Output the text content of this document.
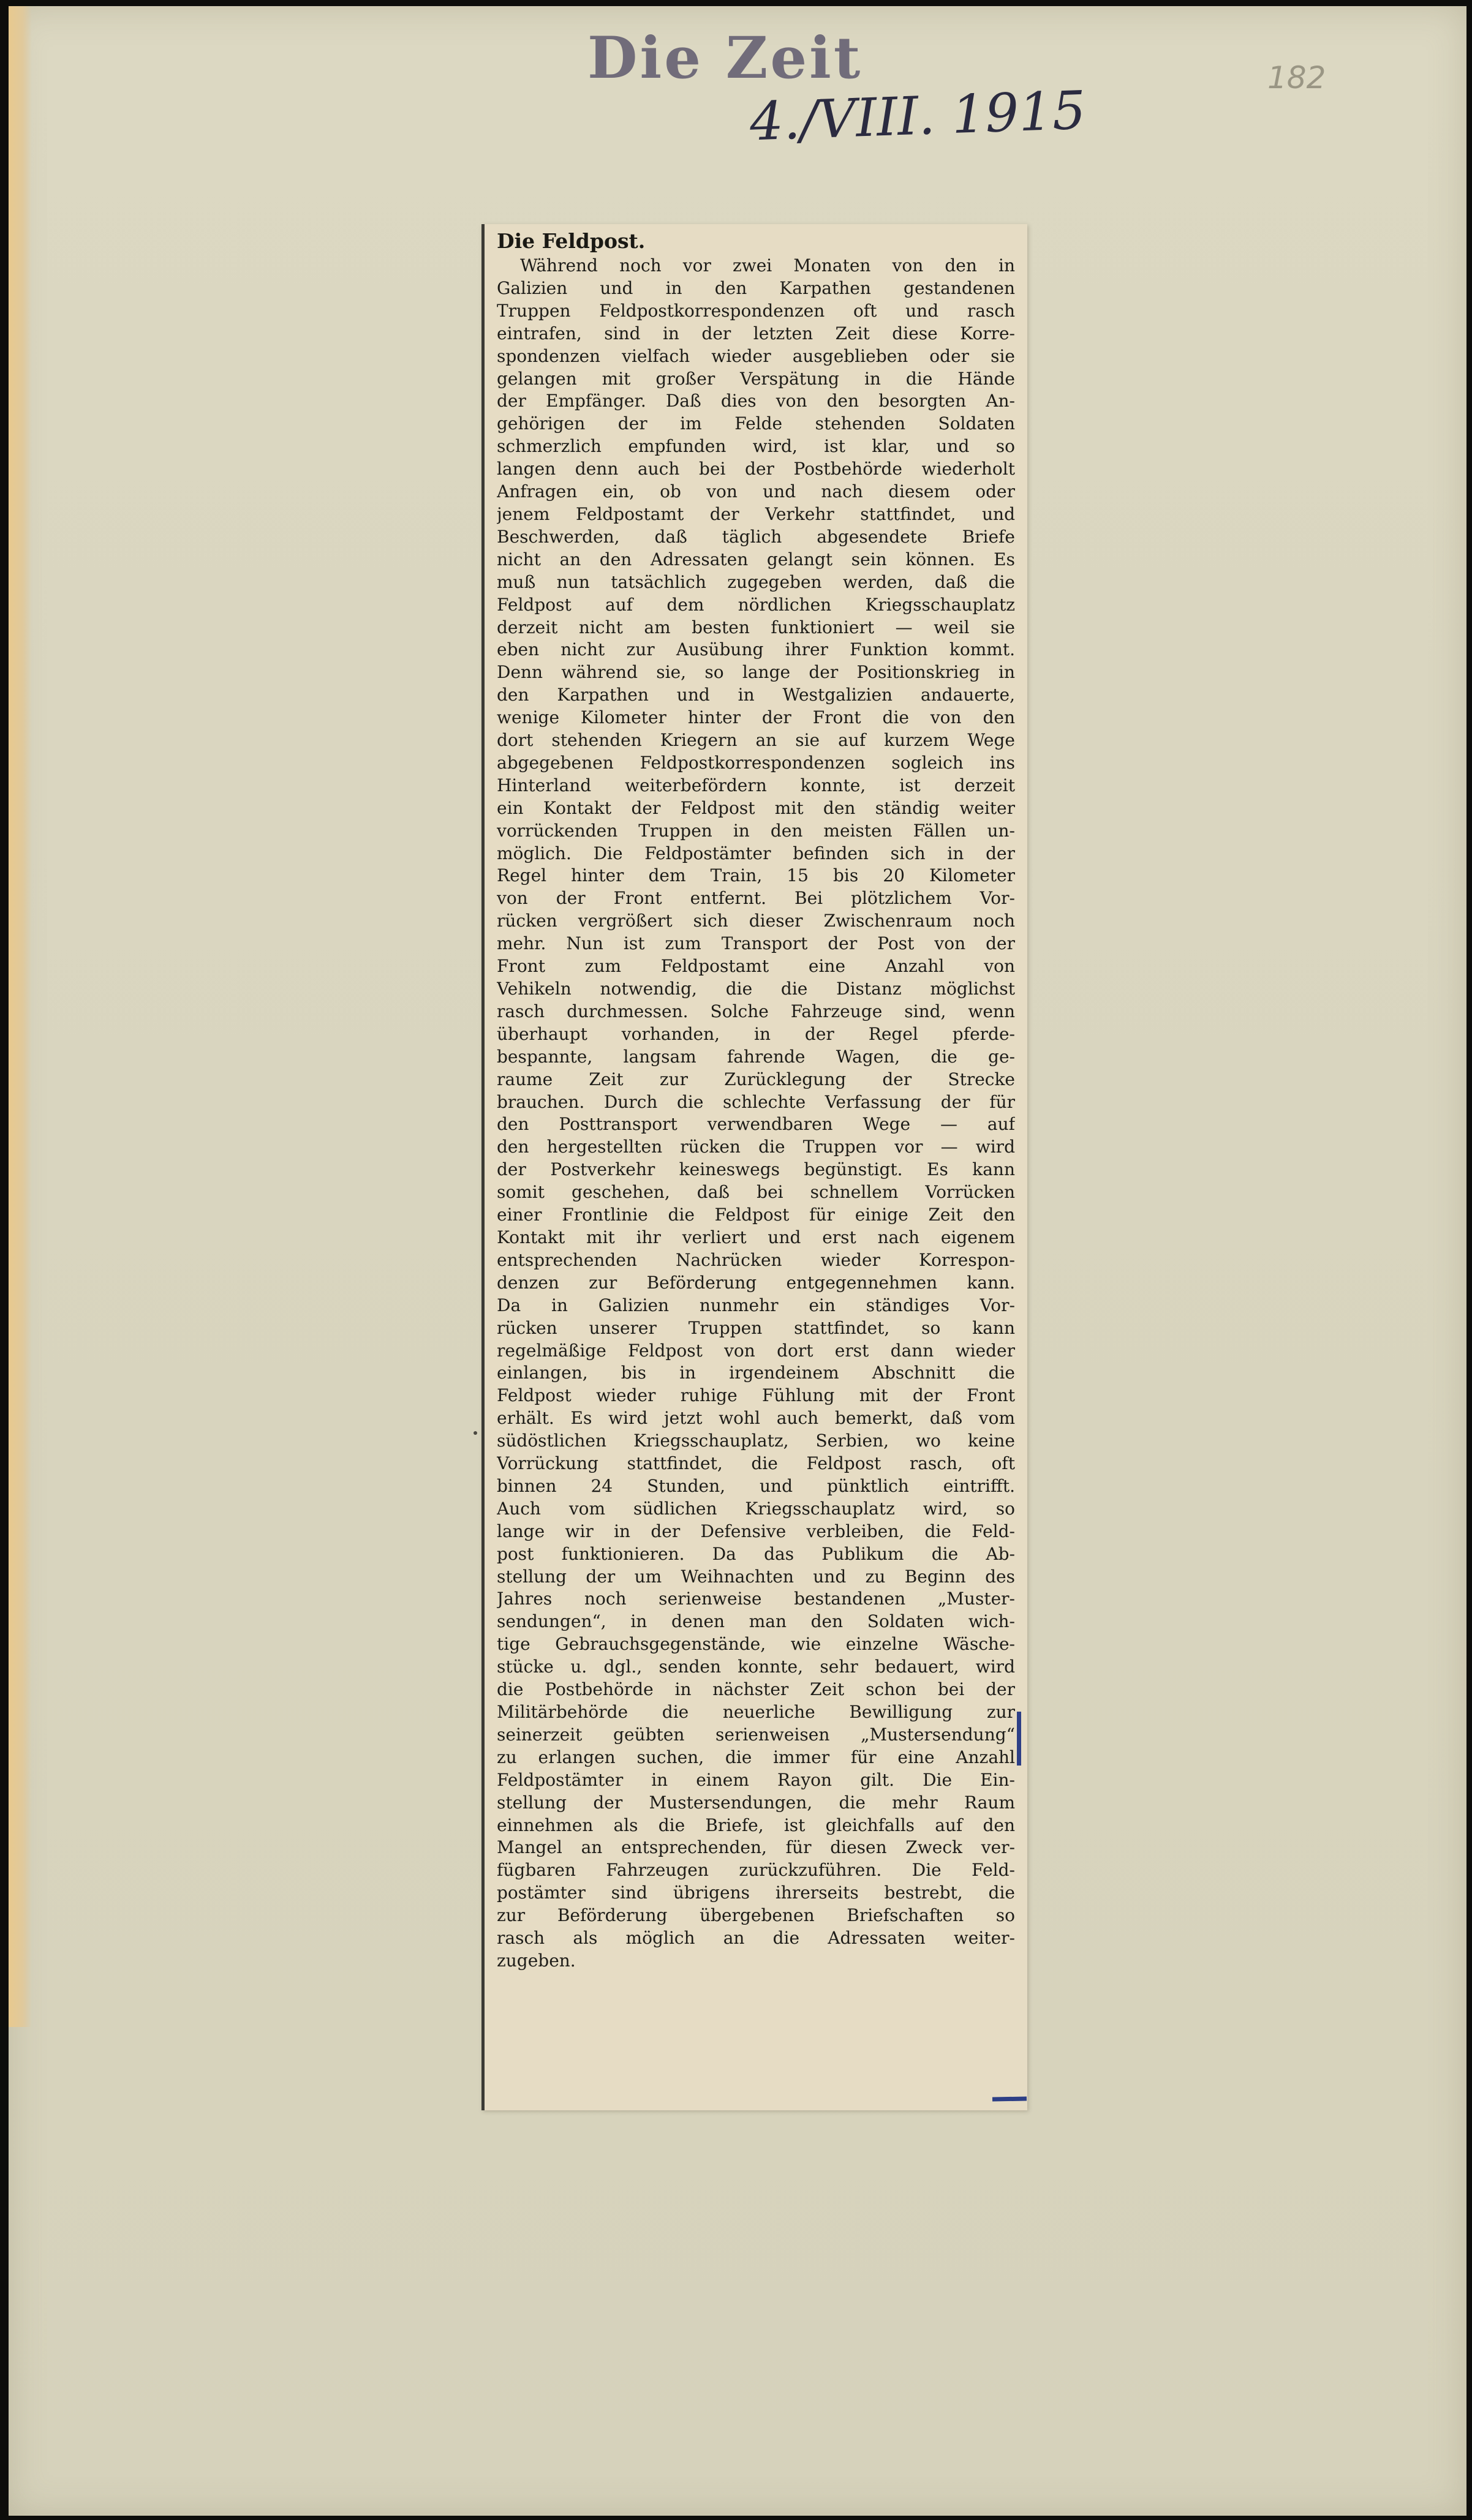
Die Zeit
4./VIII. 1915
182

Die Feldpost.

Während noch vor zwei Monaten von den in
Galizien und in den Karpathen gestandenen
Truppen Feldpostkorrespondenzen oft und rasch
eintrafen, sind in der letzten Zeit diese Korre-
spondenzen vielfach wieder ausgeblieben oder sie
gelangen mit großer Verspätung in die Hände
der Empfänger. Daß dies von den besorgten An-
gehörigen der im Felde stehenden Soldaten
schmerzlich empfunden wird, ist klar, und so
langen denn auch bei der Postbehörde wiederholt
Anfragen ein, ob von und nach diesem oder
jenem Feldpostamt der Verkehr stattfindet, und
Beschwerden, daß täglich abgesendete Briefe
nicht an den Adressaten gelangt sein können. Es
muß nun tatsächlich zugegeben werden, daß die
Feldpost auf dem nördlichen Kriegsschauplatz
derzeit nicht am besten funktioniert — weil sie
eben nicht zur Ausübung ihrer Funktion kommt.
Denn während sie, so lange der Positionskrieg in
den Karpathen und in Westgalizien andauerte,
wenige Kilometer hinter der Front die von den
dort stehenden Kriegern an sie auf kurzem Wege
abgegebenen Feldpostkorrespondenzen sogleich ins
Hinterland weiterbefördern konnte, ist derzeit
ein Kontakt der Feldpost mit den ständig weiter
vorrückenden Truppen in den meisten Fällen un-
möglich. Die Feldpostämter befinden sich in der
Regel hinter dem Train, 15 bis 20 Kilometer
von der Front entfernt. Bei plötzlichem Vor-
rücken vergrößert sich dieser Zwischenraum noch
mehr. Nun ist zum Transport der Post von der
Front zum Feldpostamt eine Anzahl von
Vehikeln notwendig, die die Distanz möglichst
rasch durchmessen. Solche Fahrzeuge sind, wenn
überhaupt vorhanden, in der Regel pferde-
bespannte, langsam fahrende Wagen, die ge-
raume Zeit zur Zurücklegung der Strecke
brauchen. Durch die schlechte Verfassung der für
den Posttransport verwendbaren Wege — auf
den hergestellten rücken die Truppen vor — wird
der Postverkehr keineswegs begünstigt. Es kann
somit geschehen, daß bei schnellem Vorrücken
einer Frontlinie die Feldpost für einige Zeit den
Kontakt mit ihr verliert und erst nach eigenem
entsprechenden Nachrücken wieder Korrespon-
denzen zur Beförderung entgegennehmen kann.
Da in Galizien nunmehr ein ständiges Vor-
rücken unserer Truppen stattfindet, so kann
regelmäßige Feldpost von dort erst dann wieder
einlangen, bis in irgendeinem Abschnitt die
Feldpost wieder ruhige Fühlung mit der Front
erhält. Es wird jetzt wohl auch bemerkt, daß vom
südöstlichen Kriegsschauplatz, Serbien, wo keine
Vorrückung stattfindet, die Feldpost rasch, oft
binnen 24 Stunden, und pünktlich eintrifft.
Auch vom südlichen Kriegsschauplatz wird, so
lange wir in der Defensive verbleiben, die Feld-
post funktionieren. Da das Publikum die Ab-
stellung der um Weihnachten und zu Beginn des
Jahres noch serienweise bestandenen „Muster-
sendungen“, in denen man den Soldaten wich-
tige Gebrauchsgegenstände, wie einzelne Wäsche-
stücke u. dgl., senden konnte, sehr bedauert, wird
die Postbehörde in nächster Zeit schon bei der
Militärbehörde die neuerliche Bewilligung zur
seinerzeit geübten serienweisen „Mustersendung“
zu erlangen suchen, die immer für eine Anzahl
Feldpostämter in einem Rayon gilt. Die Ein-
stellung der Mustersendungen, die mehr Raum
einnehmen als die Briefe, ist gleichfalls auf den
Mangel an entsprechenden, für diesen Zweck ver-
fügbaren Fahrzeugen zurückzuführen. Die Feld-
postämter sind übrigens ihrerseits bestrebt, die
zur Beförderung übergebenen Briefschaften so
rasch als möglich an die Adressaten weiter-
zugeben.
